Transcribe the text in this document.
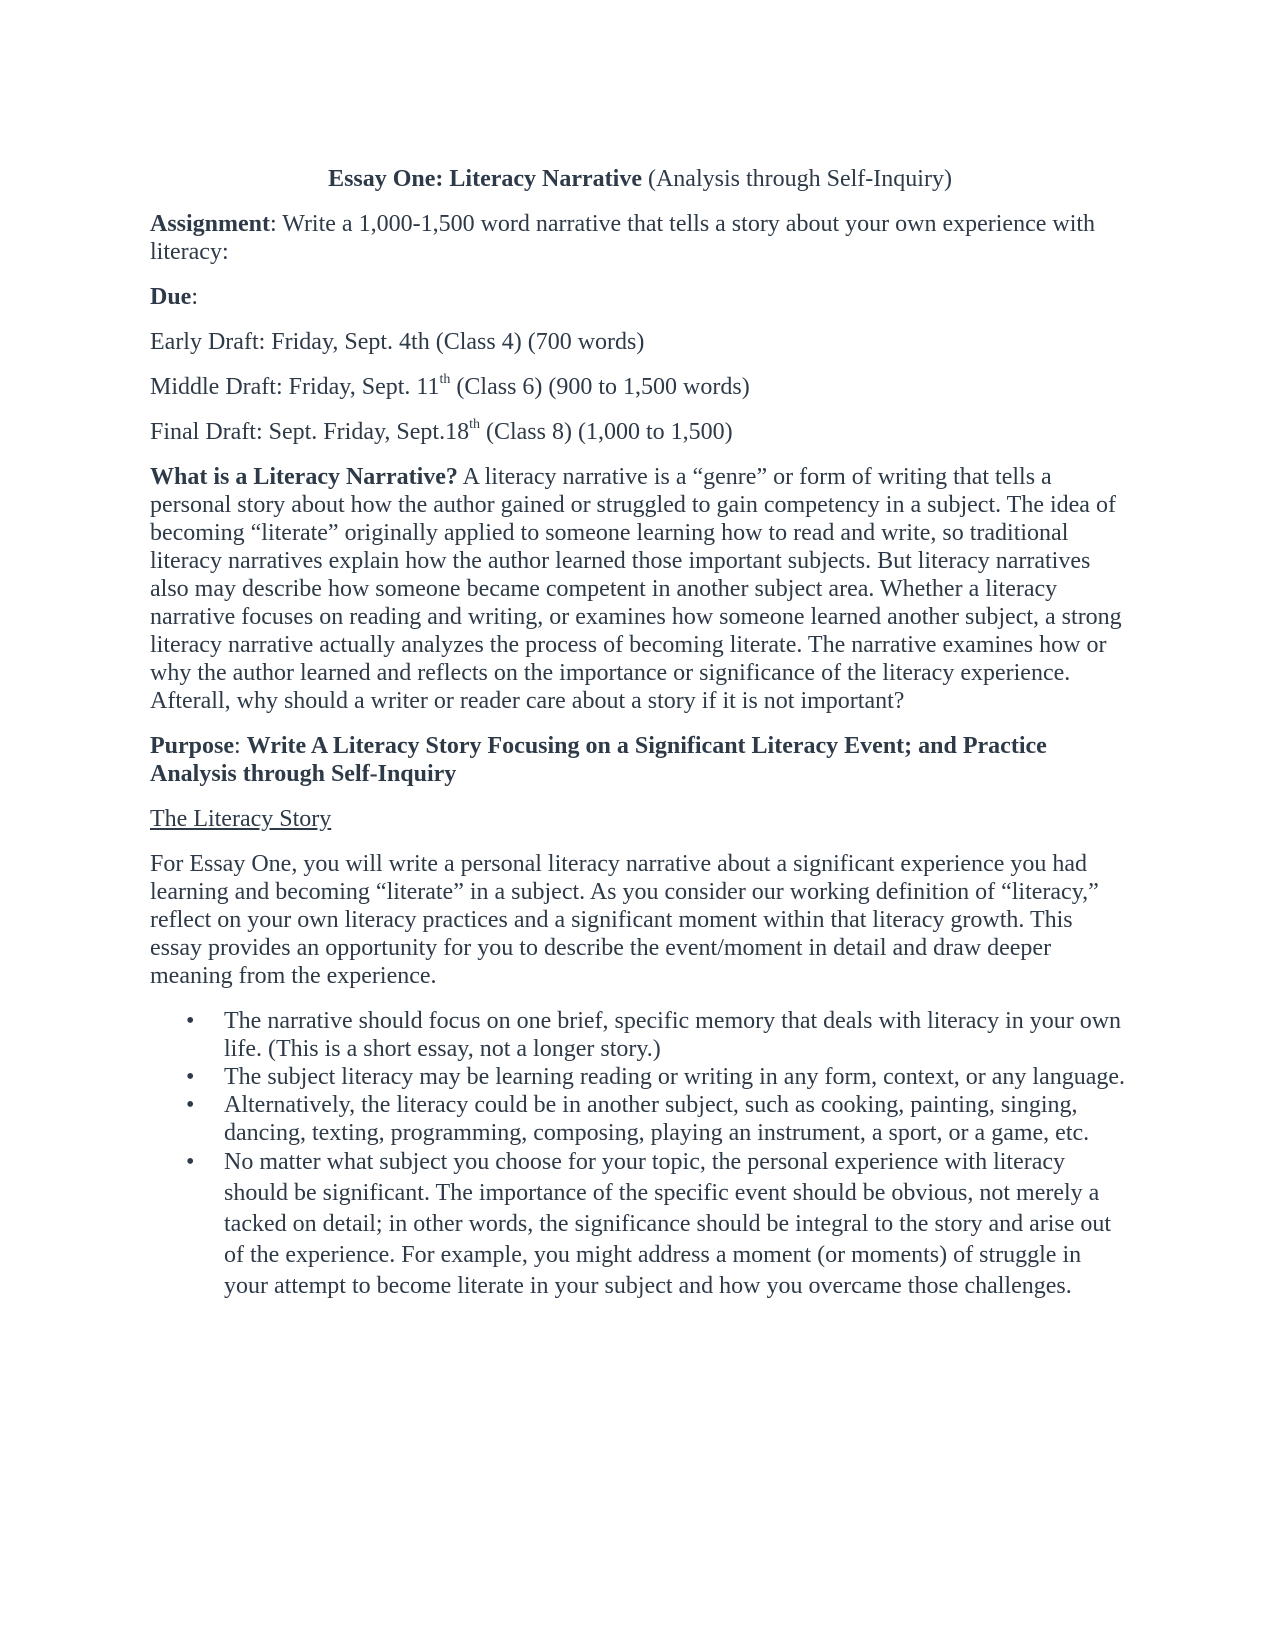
Essay One: Literacy Narrative (Analysis through Self-Inquiry)

Assignment: Write a 1,000-1,500 word narrative that tells a story about your own experience with literacy:

Due:

Early Draft: Friday, Sept. 4th (Class 4) (700 words)

Middle Draft: Friday, Sept. 11th (Class 6) (900 to 1,500 words)

Final Draft: Sept. Friday, Sept.18th (Class 8) (1,000 to 1,500)

What is a Literacy Narrative? A literacy narrative is a “genre” or form of writing that tells a personal story about how the author gained or struggled to gain competency in a subject. The idea of becoming “literate” originally applied to someone learning how to read and write, so traditional literacy narratives explain how the author learned those important subjects. But literacy narratives also may describe how someone became competent in another subject area. Whether a literacy narrative focuses on reading and writing, or examines how someone learned another subject, a strong literacy narrative actually analyzes the process of becoming literate. The narrative examines how or why the author learned and reflects on the importance or significance of the literacy experience. Afterall, why should a writer or reader care about a story if it is not important?

Purpose: Write A Literacy Story Focusing on a Significant Literacy Event; and Practice Analysis through Self-Inquiry

The Literacy Story

For Essay One, you will write a personal literacy narrative about a significant experience you had learning and becoming “literate” in a subject. As you consider our working definition of “literacy,” reflect on your own literacy practices and a significant moment within that literacy growth. This essay provides an opportunity for you to describe the event/moment in detail and draw deeper meaning from the experience.

• The narrative should focus on one brief, specific memory that deals with literacy in your own life. (This is a short essay, not a longer story.)
• The subject literacy may be learning reading or writing in any form, context, or any language.
• Alternatively, the literacy could be in another subject, such as cooking, painting, singing, dancing, texting, programming, composing, playing an instrument, a sport, or a game, etc.
• No matter what subject you choose for your topic, the personal experience with literacy should be significant. The importance of the specific event should be obvious, not merely a tacked on detail; in other words, the significance should be integral to the story and arise out of the experience. For example, you might address a moment (or moments) of struggle in your attempt to become literate in your subject and how you overcame those challenges.
